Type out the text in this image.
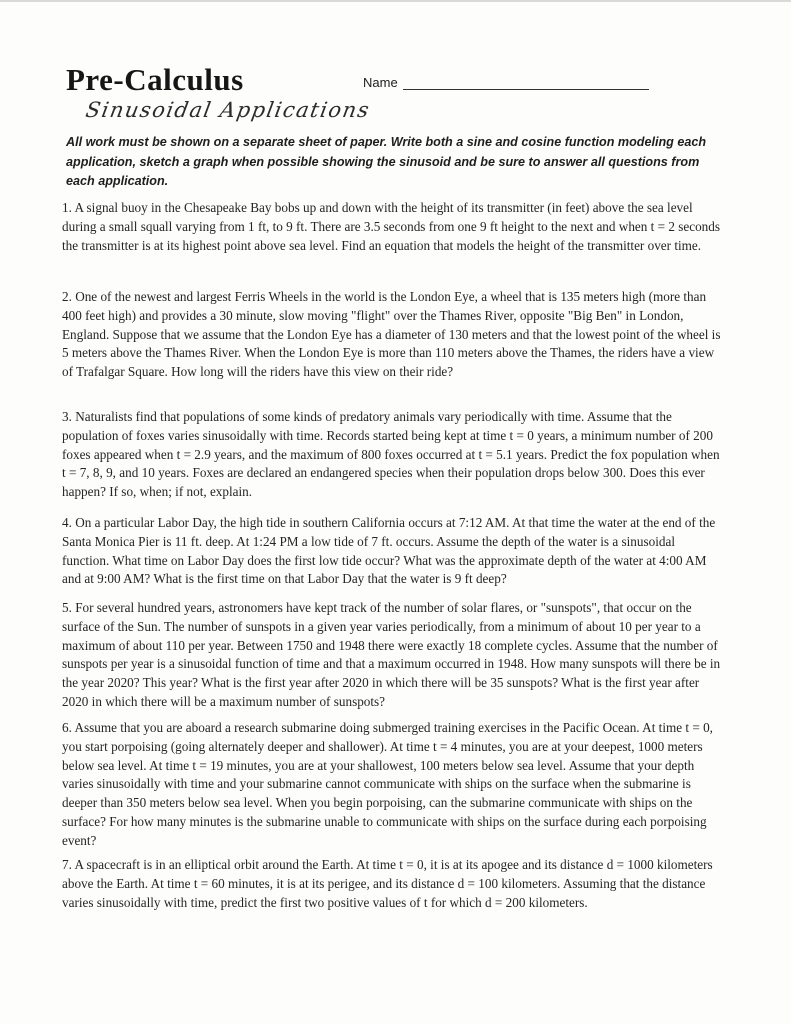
Pre-Calculus
Sinusoidal Applications
Name

All work must be shown on a separate sheet of paper. Write both a sine and cosine function modeling each application, sketch a graph when possible showing the sinusoid and be sure to answer all questions from each application.

1. A signal buoy in the Chesapeake Bay bobs up and down with the height of its transmitter (in feet) above the sea level during a small squall varying from 1 ft, to 9 ft. There are 3.5 seconds from one 9 ft height to the next and when t = 2 seconds the transmitter is at its highest point above sea level. Find an equation that models the height of the transmitter over time.

2. One of the newest and largest Ferris Wheels in the world is the London Eye, a wheel that is 135 meters high (more than 400 feet high) and provides a 30 minute, slow moving "flight" over the Thames River, opposite "Big Ben" in London, England. Suppose that we assume that the London Eye has a diameter of 130 meters and that the lowest point of the wheel is 5 meters above the Thames River. When the London Eye is more than 110 meters above the Thames, the riders have a view of Trafalgar Square. How long will the riders have this view on their ride?

3. Naturalists find that populations of some kinds of predatory animals vary periodically with time. Assume that the population of foxes varies sinusoidally with time. Records started being kept at time t = 0 years, a minimum number of 200 foxes appeared when t = 2.9 years, and the maximum of 800 foxes occurred at t = 5.1 years. Predict the fox population when t = 7, 8, 9, and 10 years. Foxes are declared an endangered species when their population drops below 300. Does this ever happen? If so, when; if not, explain.

4. On a particular Labor Day, the high tide in southern California occurs at 7:12 AM. At that time the water at the end of the Santa Monica Pier is 11 ft. deep. At 1:24 PM a low tide of 7 ft. occurs. Assume the depth of the water is a sinusoidal function. What time on Labor Day does the first low tide occur? What was the approximate depth of the water at 4:00 AM and at 9:00 AM? What is the first time on that Labor Day that the water is 9 ft deep?

5. For several hundred years, astronomers have kept track of the number of solar flares, or "sunspots", that occur on the surface of the Sun. The number of sunspots in a given year varies periodically, from a minimum of about 10 per year to a maximum of about 110 per year. Between 1750 and 1948 there were exactly 18 complete cycles. Assume that the number of sunspots per year is a sinusoidal function of time and that a maximum occurred in 1948. How many sunspots will there be in the year 2020? This year? What is the first year after 2020 in which there will be 35 sunspots? What is the first year after 2020 in which there will be a maximum number of sunspots?

6. Assume that you are aboard a research submarine doing submerged training exercises in the Pacific Ocean. At time t = 0, you start porpoising (going alternately deeper and shallower). At time t = 4 minutes, you are at your deepest, 1000 meters below sea level. At time t = 19 minutes, you are at your shallowest, 100 meters below sea level. Assume that your depth varies sinusoidally with time and your submarine cannot communicate with ships on the surface when the submarine is deeper than 350 meters below sea level. When you begin porpoising, can the submarine communicate with ships on the surface? For how many minutes is the submarine unable to communicate with ships on the surface during each porpoising event?

7. A spacecraft is in an elliptical orbit around the Earth. At time t = 0, it is at its apogee and its distance d = 1000 kilometers above the Earth. At time t = 60 minutes, it is at its perigee, and its distance d = 100 kilometers. Assuming that the distance varies sinusoidally with time, predict the first two positive values of t for which d = 200 kilometers.
